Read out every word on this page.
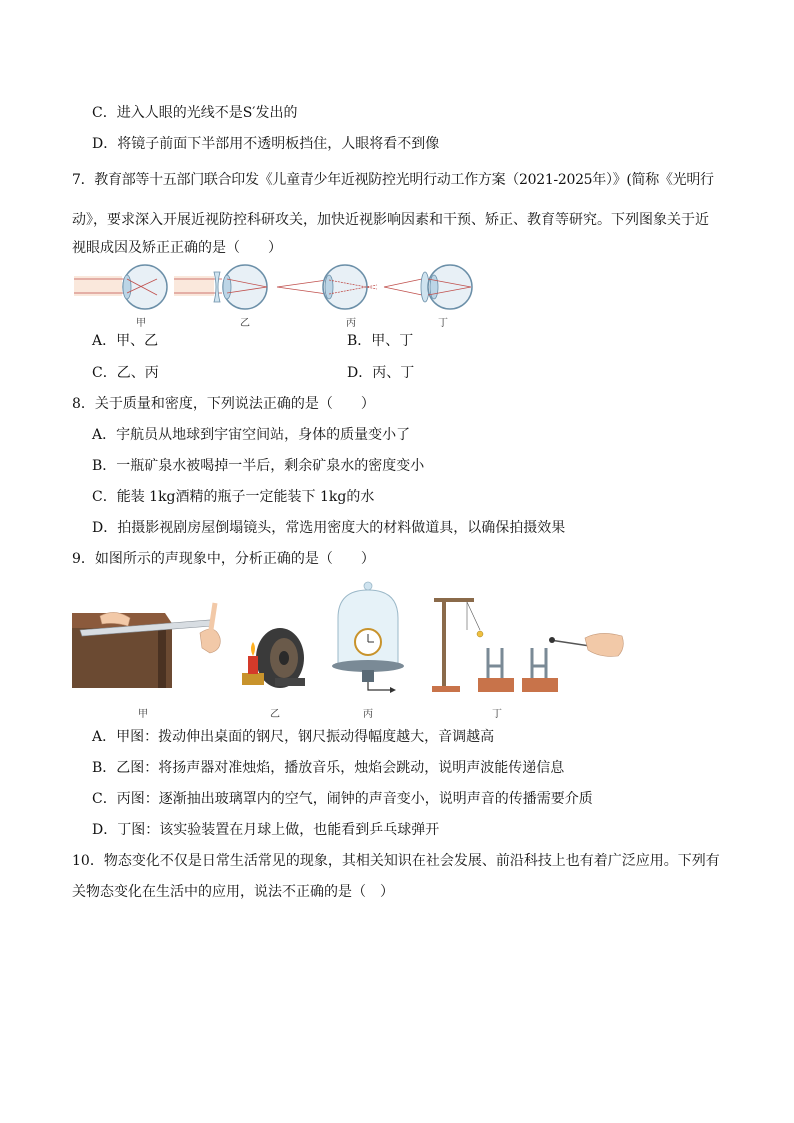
C．进入人眼的光线不是S′发出的
D．将镜子前面下半部用不透明板挡住，人眼将看不到像
7．教育部等十五部门联合印发《儿童青少年近视防控光明行动工作方案（2021-2025年）》(简称《光明行
动》，要求深入开展近视防控科研攻关，加快近视影响因素和干预、矫正、教育等研究。下列图象关于近
视眼成因及矫正正确的是（　　）
甲	乙	丙	丁
A．甲、乙	B．甲、丁
C．乙、丙	D．丙、丁
8．关于质量和密度，下列说法正确的是（　　）
A．宇航员从地球到宇宙空间站，身体的质量变小了
B．一瓶矿泉水被喝掉一半后，剩余矿泉水的密度变小
C．能装 1kg酒精的瓶子一定能装下 1kg的水
D．拍摄影视剧房屋倒塌镜头，常选用密度大的材料做道具，以确保拍摄效果
9．如图所示的声现象中，分析正确的是（　　）
甲	乙	丙	丁
A．甲图：拨动伸出桌面的钢尺，钢尺振动得幅度越大，音调越高
B．乙图：将扬声器对准烛焰，播放音乐，烛焰会跳动，说明声波能传递信息
C．丙图：逐渐抽出玻璃罩内的空气，闹钟的声音变小，说明声音的传播需要介质
D．丁图：该实验装置在月球上做，也能看到乒乓球弹开
10．物态变化不仅是日常生活常见的现象，其相关知识在社会发展、前沿科技上也有着广泛应用。下列有
关物态变化在生活中的应用，说法不正确的是（　）
